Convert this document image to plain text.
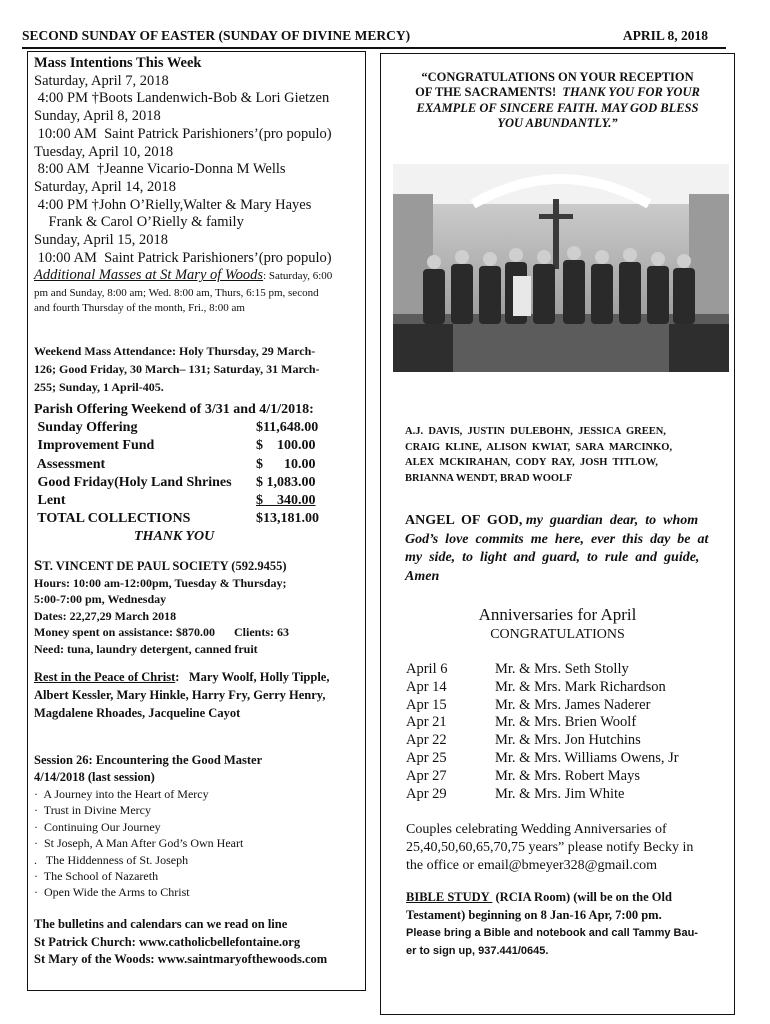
SECOND SUNDAY OF EASTER (SUNDAY OF DIVINE MERCY)	APRIL 8, 2018
Mass Intentions This Week
Saturday, April 7, 2018
4:00 PM †Boots Landenwich-Bob & Lori Gietzen
Sunday, April 8, 2018
10:00 AM  Saint Patrick Parishioners’(pro populo)
Tuesday, April 10, 2018
8:00 AM  †Jeanne Vicario-Donna M Wells
Saturday, April 14, 2018
4:00 PM †John O’Rielly,Walter & Mary Hayes
Frank & Carol O’Rielly & family
Sunday, April 15, 2018
10:00 AM  Saint Patrick Parishioners’(pro populo)
Additional Masses at St Mary of Woods: Saturday, 6:00
pm and Sunday, 8:00 am; Wed. 8:00 am, Thurs, 6:15 pm, second
and fourth Thursday of the month, Fri., 8:00 am
Weekend Mass Attendance: Holy Thursday, 29 March-
126; Good Friday, 30 March– 131; Saturday, 31 March-
255; Sunday, 1 April-405.
Parish Offering Weekend of 3/31 and 4/1/2018:
Sunday Offering	$11,648.00
Improvement Fund	$    100.00
Assessment	$      10.00
Good Friday(Holy Land Shrines	$ 1,083.00
Lent	$    340.00
TOTAL COLLECTIONS	$13,181.00
THANK YOU
ST. VINCENT DE PAUL SOCIETY (592.9455)
Hours: 10:00 am-12:00pm, Tuesday & Thursday;
5:00-7:00 pm, Wednesday
Dates: 22,27,29 March 2018
Money spent on assistance: $870.00 Clients: 63
Need: tuna, laundry detergent, canned fruit
Rest in the Peace of Christ:   Mary Woolf, Holly Tipple,
Albert Kessler, Mary Hinkle, Harry Fry, Gerry Henry,
Magdalene Rhoades, Jacqueline Cayot
Session 26: Encountering the Good Master
4/14/2018 (last session)
·  A Journey into the Heart of Mercy
·  Trust in Divine Mercy
·  Continuing Our Journey
·  St Joseph, A Man After God’s Own Heart
.   The Hiddenness of St. Joseph
·  The School of Nazareth
·  Open Wide the Arms to Christ
The bulletins and calendars can we read on line
St Patrick Church: www.catholicbellefontaine.org
St Mary of the Woods: www.saintmaryofthewoods.com
“CONGRATULATIONS ON YOUR RECEPTION
OF THE SACRAMENTS!  THANK YOU FOR YOUR
EXAMPLE OF SINCERE FAITH. MAY GOD BLESS
YOU ABUNDANTLY.”
A.J.  DAVIS,  JUSTIN  DULEBOHN,  JESSICA  GREEN,
CRAIG  KLINE,  ALISON  KWIAT,  SARA  MARCINKO,
ALEX  MCKIRAHAN,  CODY  RAY,  JOSH  TITLOW,
BRIANNA WENDT, BRAD WOOLF
ANGEL  OF  GOD, my  guardian  dear,  to  whom
God’s  love  commits  me  here,  ever  this  day  be  at
my  side,  to  light  and  guard,  to  rule  and  guide,
Amen
Anniversaries for April
CONGRATULATIONS
April 6	Mr. & Mrs. Seth Stolly
Apr 14	Mr. & Mrs. Mark Richardson
Apr 15	Mr. & Mrs. James Naderer
Apr 21	Mr. & Mrs. Brien Woolf
Apr 22	Mr. & Mrs. Jon Hutchins
Apr 25	Mr. & Mrs. Williams Owens, Jr
Apr 27	Mr. & Mrs. Robert Mays
Apr 29	Mr. & Mrs. Jim White
Couples celebrating Wedding Anniversaries of
25,40,50,60,65,70,75 years” please notify Becky in
the office or email@bmeyer328@gmail.com
BIBLE STUDY  (RCIA Room) (will be on the Old
Testament) beginning on 8 Jan-16 Apr, 7:00 pm.
Please bring a Bible and notebook and call Tammy Bau-
er to sign up, 937.441/0645.
